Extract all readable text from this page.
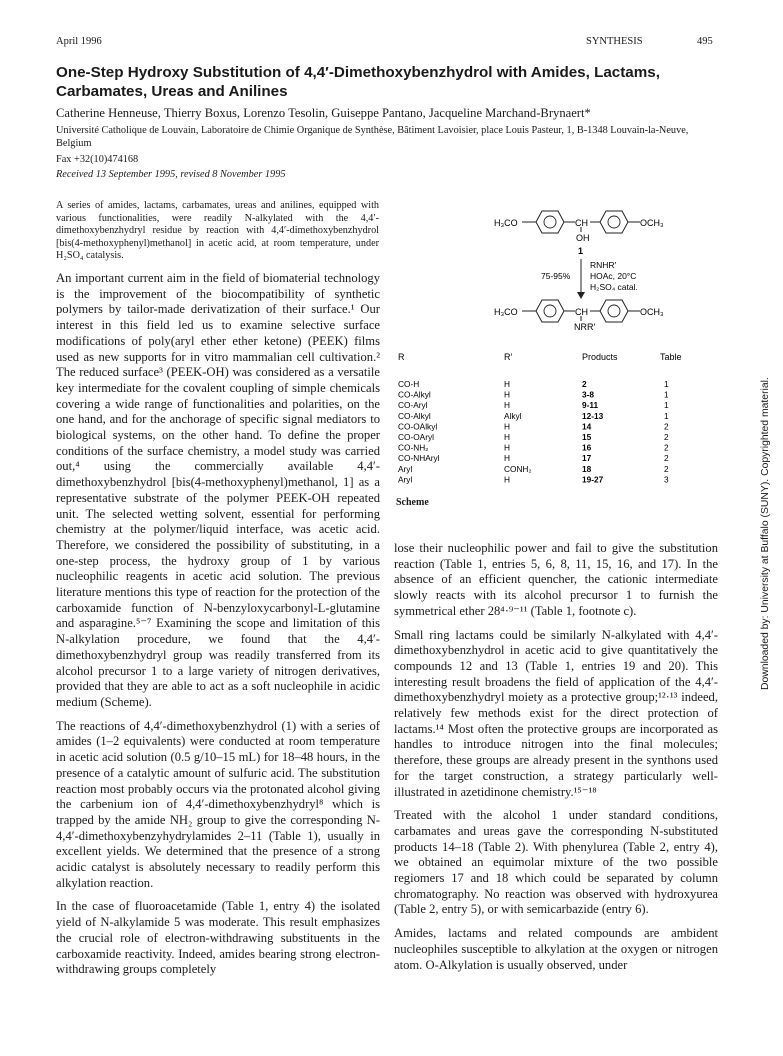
April 1996	SYNTHESIS	495
One-Step Hydroxy Substitution of 4,4′-Dimethoxybenzhydrol with Amides, Lactams, Carbamates, Ureas and Anilines
Catherine Henneuse, Thierry Boxus, Lorenzo Tesolin, Guiseppe Pantano, Jacqueline Marchand-Brynaert*
Université Catholique de Louvain, Laboratoire de Chimie Organique de Synthèse, Bâtiment Lavoisier, place Louis Pasteur, 1, B-1348 Louvain-la-Neuve, Belgium
Fax +32(10)474168
Received 13 September 1995, revised 8 November 1995
A series of amides, lactams, carbamates, ureas and anilines, equipped with various functionalities, were readily N-alkylated with the 4,4′-dimethoxybenzhydryl residue by reaction with 4,4′-dimethoxybenzhydrol [bis(4-methoxyphenyl)methanol] in acetic acid, at room temperature, under H₂SO₄ catalysis.

An important current aim in the field of biomaterial technology is the improvement of the biocompatibility of synthetic polymers by tailor-made derivatization of their surface.¹ Our interest in this field led us to examine selective surface modifications of poly(aryl ether ether ketone) (PEEK) films used as new supports for in vitro mammalian cell cultivation.² The reduced surface³ (PEEK-OH) was considered as a versatile key intermediate for the covalent coupling of simple chemicals covering a wide range of functionalities and polarities, on the one hand, and for the anchorage of specific signal mediators to biological systems, on the other hand. To define the proper conditions of the surface chemistry, a model study was carried out,⁴ using the commercially available 4,4′-dimethoxybenzhydrol [bis(4-methoxyphenyl)methanol, 1] as a representative substrate of the polymer PEEK-OH repeated unit. The selected wetting solvent, essential for performing chemistry at the polymer/liquid interface, was acetic acid. Therefore, we considered the possibility of substituting, in a one-step process, the hydroxy group of 1 by various nucleophilic reagents in acetic acid solution. The previous literature mentions this type of reaction for the protection of the carboxamide function of N-benzyloxycarbonyl-L-glutamine and asparagine.⁵⁻⁷ Examining the scope and limitation of this N-alkylation procedure, we found that the 4,4′-dimethoxybenzhydryl group was readily transferred from its alcohol precursor 1 to a large variety of nitrogen derivatives, provided that they are able to act as a soft nucleophile in acidic medium (Scheme).

The reactions of 4,4′-dimethoxybenzhydrol (1) with a series of amides (1–2 equivalents) were conducted at room temperature in acetic acid solution (0.5 g/10–15 mL) for 18–48 hours, in the presence of a catalytic amount of sulfuric acid. The substitution reaction most probably occurs via the protonated alcohol giving the carbenium ion of 4,4′-dimethoxybenzhydryl⁸ which is trapped by the amide NH₂ group to give the corresponding N-4,4′-dimethoxybenzyhydrylamides 2–11 (Table 1), usually in excellent yields. We determined that the presence of a strong acidic catalyst is absolutely necessary to readily perform this alkylation reaction.

In the case of fluoroacetamide (Table 1, entry 4) the isolated yield of N-alkylamide 5 was moderate. This result emphasizes the crucial role of electron-withdrawing substituents in the carboxamide reactivity. Indeed, amides bearing strong electron-withdrawing groups completely

lose their nucleophilic power and fail to give the substitution reaction (Table 1, entries 5, 6, 8, 11, 15, 16, and 17). In the absence of an efficient quencher, the cationic intermediate slowly reacts with its alcohol precursor 1 to furnish the symmetrical ether 28⁴·⁹⁻¹¹ (Table 1, footnote c).

Small ring lactams could be similarly N-alkylated with 4,4′-dimethoxybenzhydrol in acetic acid to give quantitatively the compounds 12 and 13 (Table 1, entries 19 and 20). This interesting result broadens the field of application of the 4,4′-dimethoxybenzhydryl moiety as a protective group;¹²·¹³ indeed, relatively few methods exist for the direct protection of lactams.¹⁴ Most often the protective groups are incorporated as handles to introduce nitrogen into the final molecules; therefore, these groups are already present in the synthons used for the target construction, a strategy particularly well-illustrated in azetidinone chemistry.¹⁵⁻¹⁸

Treated with the alcohol 1 under standard conditions, carbamates and ureas gave the corresponding N-substituted products 14–18 (Table 2). With phenylurea (Table 2, entry 4), we obtained an equimolar mixture of the two possible regiomers 17 and 18 which could be separated by column chromatography. No reaction was observed with hydroxyurea (Table 2, entry 5), or with semicarbazide (entry 6).

Amides, lactams and related compounds are ambident nucleophiles susceptible to alkylation at the oxygen or nitrogen atom. O-Alkylation is usually observed, under

H₃CO	CH	OCH₃
OH
1
RNHR′
75-95% HOAc, 20°C
H₂SO₄ catal.
H₃CO	CH	OCH₃
NRR′
R	R′	Products	Table
CO-H	H	2	1
CO-Alkyl	H	3-8	1
CO-Aryl	H	9-11	1
CO-Alkyl	Alkyl	12-13	1
CO-OAlkyl	H	14	2
CO-OAryl	H	15	2
CO-NH₂	H	16	2
CO-NHAryl	H	17	2
Aryl	CONH₂	18	2
Aryl	H	19-27	3
Scheme	Downloaded by: University at Buffalo (SUNY). Copyrighted material.
